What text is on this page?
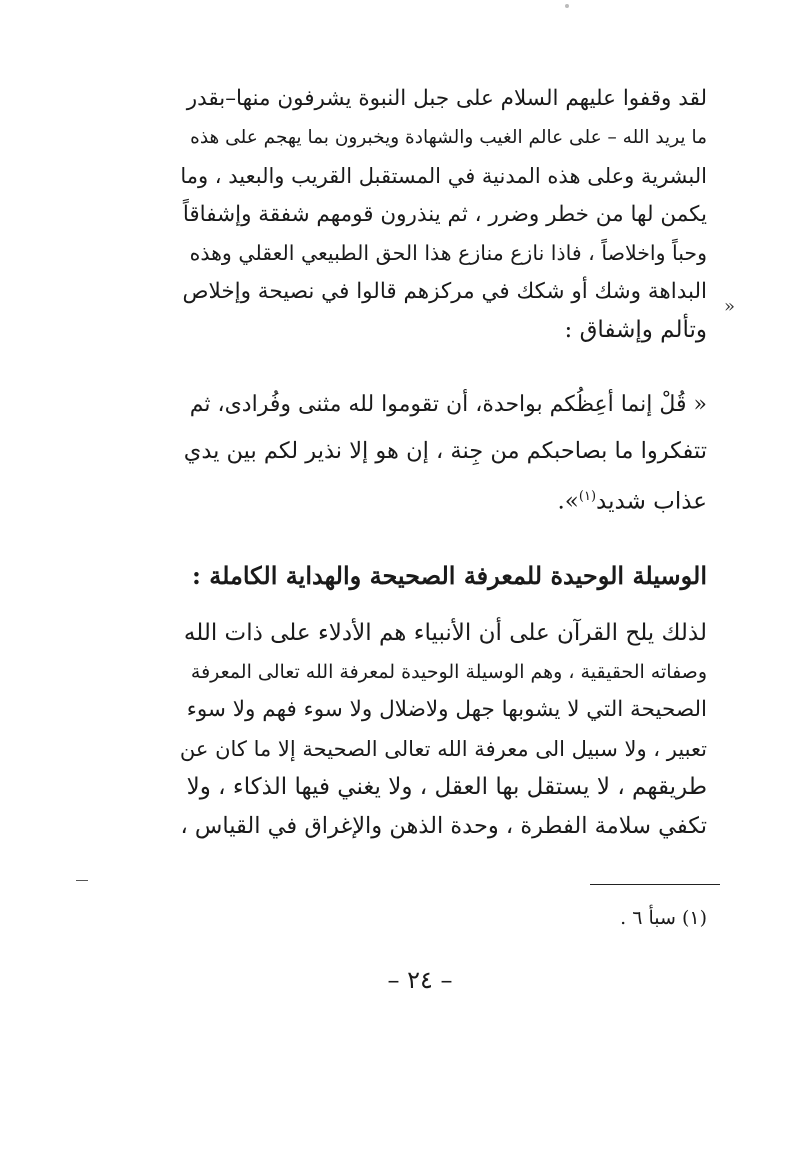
لقد وقفوا عليهم السلام على جبل النبوة يشرفون منها–بقدر
ما يريد الله – على عالم الغيب والشهادة ويخبرون بما يهجم على هذه
البشرية وعلى هذه المدنية في المستقبل القريب والبعيد ، وما
يكمن لها من خطر وضرر ، ثم ينذرون قومهم شفقة وإشفاقاً
وحباً واخلاصاً ، فاذا نازع منازع هذا الحق الطبيعي العقلي وهذه
البداهة وشك أو شكك في مركزهم قالوا في نصيحة وإخلاص
وتألم وإشفاق :
»
« قُلْ إنما أعِظُكم بواحدة، أن تقوموا لله مثنى وفُرادى، ثم
تتفكروا ما بصاحبكم من جِنة ، إن هو إلا نذير لكم بين يدي
عذاب شديد$^{(١)}$».
الوسيلة الوحيدة للمعرفة الصحيحة والهداية الكاملة :
لذلك يلح القرآن على أن الأنبياء هم الأدلاء على ذات الله
وصفاته الحقيقية ، وهم الوسيلة الوحيدة لمعرفة الله تعالى المعرفة
الصحيحة التي لا يشوبها جهل ولاضلال ولا سوء فهم ولا سوء
تعبير ، ولا سبيل الى معرفة الله تعالى الصحيحة إلا ما كان عن
طريقهم ، لا يستقل بها العقل ، ولا يغني فيها الذكاء ، ولا
تكفي سلامة الفطرة ، وحدة الذهن والإغراق في القياس ،
(١) سبأ ٦ .
– ٢٤ –
